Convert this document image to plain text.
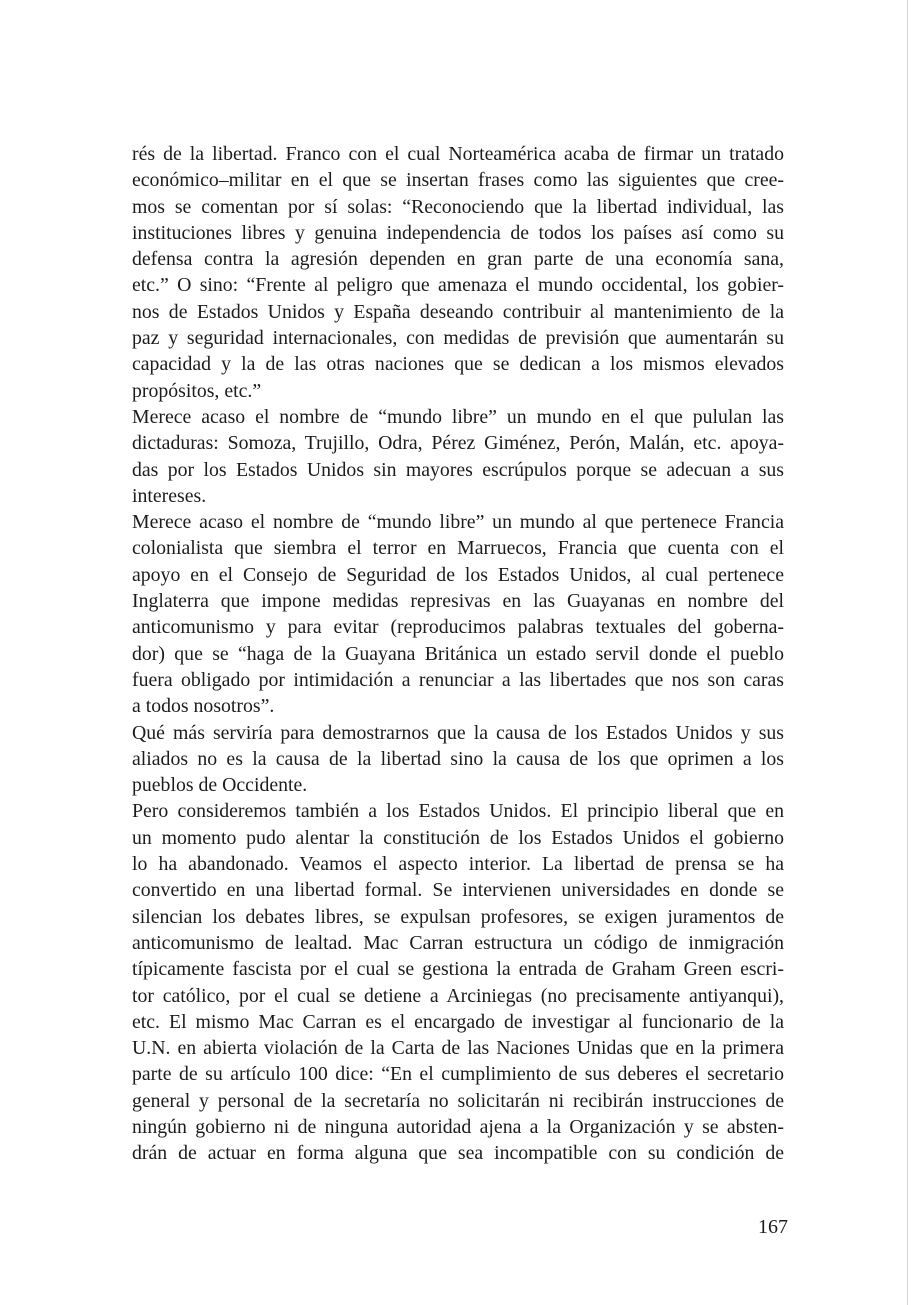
rés de la libertad. Franco con el cual Norteamérica acaba de firmar un tratado
económico–militar en el que se insertan frases como las siguientes que cree-
mos se comentan por sí solas: “Reconociendo que la libertad individual, las
instituciones libres y genuina independencia de todos los países así como su
defensa contra la agresión dependen en gran parte de una economía sana,
etc.” O sino: “Frente al peligro que amenaza el mundo occidental, los gobier-
nos de Estados Unidos y España deseando contribuir al mantenimiento de la
paz y seguridad internacionales, con medidas de previsión que aumentarán su
capacidad y la de las otras naciones que se dedican a los mismos elevados
propósitos, etc.”
Merece acaso el nombre de “mundo libre” un mundo en el que pululan las
dictaduras: Somoza, Trujillo, Odra, Pérez Giménez, Perón, Malán, etc. apoya-
das por los Estados Unidos sin mayores escrúpulos porque se adecuan a sus
intereses.
Merece acaso el nombre de “mundo libre” un mundo al que pertenece Francia
colonialista que siembra el terror en Marruecos, Francia que cuenta con el
apoyo en el Consejo de Seguridad de los Estados Unidos, al cual pertenece
Inglaterra que impone medidas represivas en las Guayanas en nombre del
anticomunismo y para evitar (reproducimos palabras textuales del goberna-
dor) que se “haga de la Guayana Británica un estado servil donde el pueblo
fuera obligado por intimidación a renunciar a las libertades que nos son caras
a todos nosotros”.
Qué más serviría para demostrarnos que la causa de los Estados Unidos y sus
aliados no es la causa de la libertad sino la causa de los que oprimen a los
pueblos de Occidente.
Pero consideremos también a los Estados Unidos. El principio liberal que en
un momento pudo alentar la constitución de los Estados Unidos el gobierno
lo ha abandonado. Veamos el aspecto interior. La libertad de prensa se ha
convertido en una libertad formal. Se intervienen universidades en donde se
silencian los debates libres, se expulsan profesores, se exigen juramentos de
anticomunismo de lealtad. Mac Carran estructura un código de inmigración
típicamente fascista por el cual se gestiona la entrada de Graham Green escri-
tor católico, por el cual se detiene a Arciniegas (no precisamente antiyanqui),
etc. El mismo Mac Carran es el encargado de investigar al funcionario de la
U.N. en abierta violación de la Carta de las Naciones Unidas que en la primera
parte de su artículo 100 dice: “En el cumplimiento de sus deberes el secretario
general y personal de la secretaría no solicitarán ni recibirán instrucciones de
ningún gobierno ni de ninguna autoridad ajena a la Organización y se absten-
drán de actuar en forma alguna que sea incompatible con su condición de
167
